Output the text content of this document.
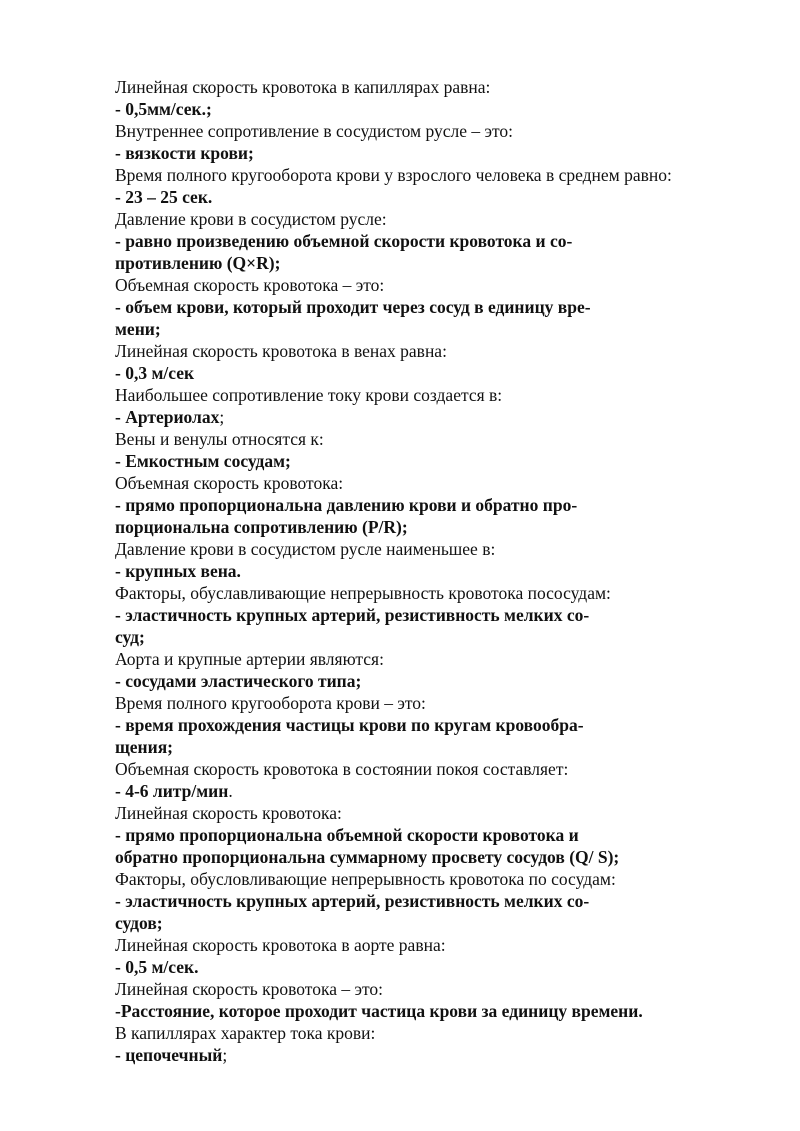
Линейная скорость кровотока в капиллярах равна:
- 0,5мм/сек.;
Внутреннее сопротивление в сосудистом русле – это:
- вязкости крови;
Время полного кругооборота крови у взрослого человека в среднем равно:
- 23 – 25 сек.
Давление крови в сосудистом русле:
- равно произведению объемной скорости кровотока и со-
противлению (Q×R);
Объемная скорость кровотока – это:
- объем крови, который проходит через сосуд в единицу вре-
мени;
Линейная скорость кровотока в венах равна:
- 0,3 м/сек
Наибольшее сопротивление току крови создается в:
- Артериолах;
Вены и венулы относятся к:
- Емкостным сосудам;
Объемная скорость кровотока:
- прямо пропорциональна давлению крови и обратно про-
порциональна сопротивлению (P/R);
Давление крови в сосудистом русле наименьшее в:
- крупных вена.
Факторы, обуславливающие непрерывность кровотока пососудам:
- эластичность крупных артерий, резистивность мелких со-
суд;
Аорта и крупные артерии являются:
- сосудами эластического типа;
Время полного кругооборота крови – это:
- время прохождения частицы крови по кругам кровообра-
щения;
Объемная скорость кровотока в состоянии покоя составляет:
- 4-6 литр/мин.
Линейная скорость кровотока:
- прямо пропорциональна объемной скорости кровотока и
обратно пропорциональна суммарному просвету сосудов (Q/ S);
Факторы, обусловливающие непрерывность кровотока по сосудам:
- эластичность крупных артерий, резистивность мелких со-
судов;
Линейная скорость кровотока в аорте равна:
- 0,5 м/сек.
Линейная скорость кровотока – это:
-Расстояние, которое проходит частица крови за единицу времени.
В капиллярах характер тока крови:
- цепочечный;
